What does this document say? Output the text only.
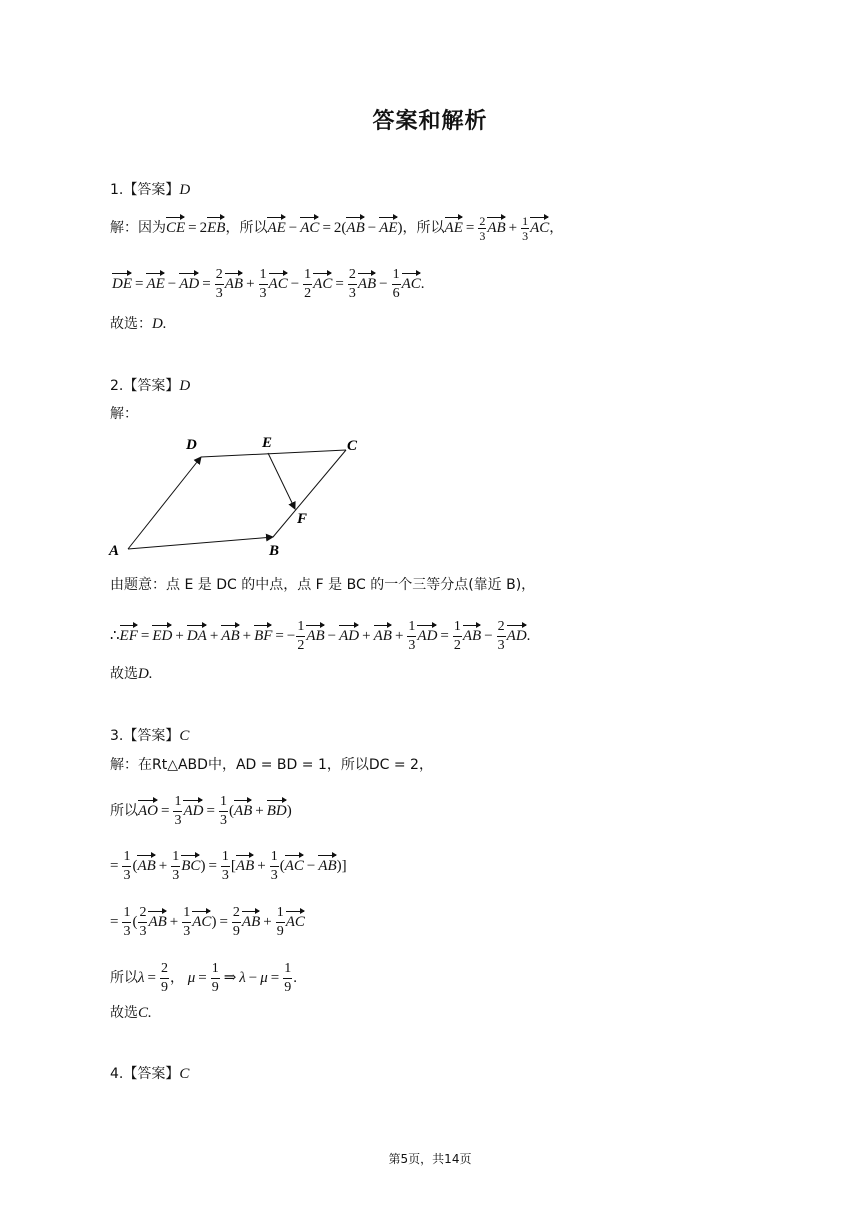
答案和解析
1.【答案】D
解：因为CE = 2EB，所以AE − AC = 2(AB − AE)，所以AE = $\frac{2}{3}$ AB + $\frac{1}{3}$ AC，
DE = AE − AD = $\frac{2}{3}$ AB + $\frac{1}{3}$ AC − $\frac{1}{2}$ AC = $\frac{2}{3}$ AB − $\frac{1}{6}$ AC.
故选：D.
2.【答案】D
解：
D	E	C
F
A	B
由题意：点 E 是 DC 的中点，点 F 是 BC 的一个三等分点(靠近 B)，
∴EF = ED + DA + AB + BF = − $\frac{1}{2}$ AB − AD + AB + $\frac{1}{3}$ AD = $\frac{1}{2}$ AB − $\frac{2}{3}$ AD.
故选D.
3.【答案】C
解：在Rt△ABD中，AD = BD = 1，所以DC = 2，
所以AO = $\frac{1}{3}$ AD = $\frac{1}{3} (AB + BD)$
= $\frac{1}{3} (AB + \frac{1}{3} BC) = \frac{1}{3} [AB + \frac{1}{3} (AC - AB)]$
= $\frac{1}{3}$ ( $\frac{2}{3}$ AB + $\frac{1}{3} AC) = \frac{2}{9}$ AB + $\frac{1}{9}$ AC
所以$\lambda = \frac{2}{9}$ ， $\mu = \frac{1}{9}$ ⇒ $\lambda - \mu = \frac{1}{9}$ .
故选C.
4.【答案】C
第5页，共14页
